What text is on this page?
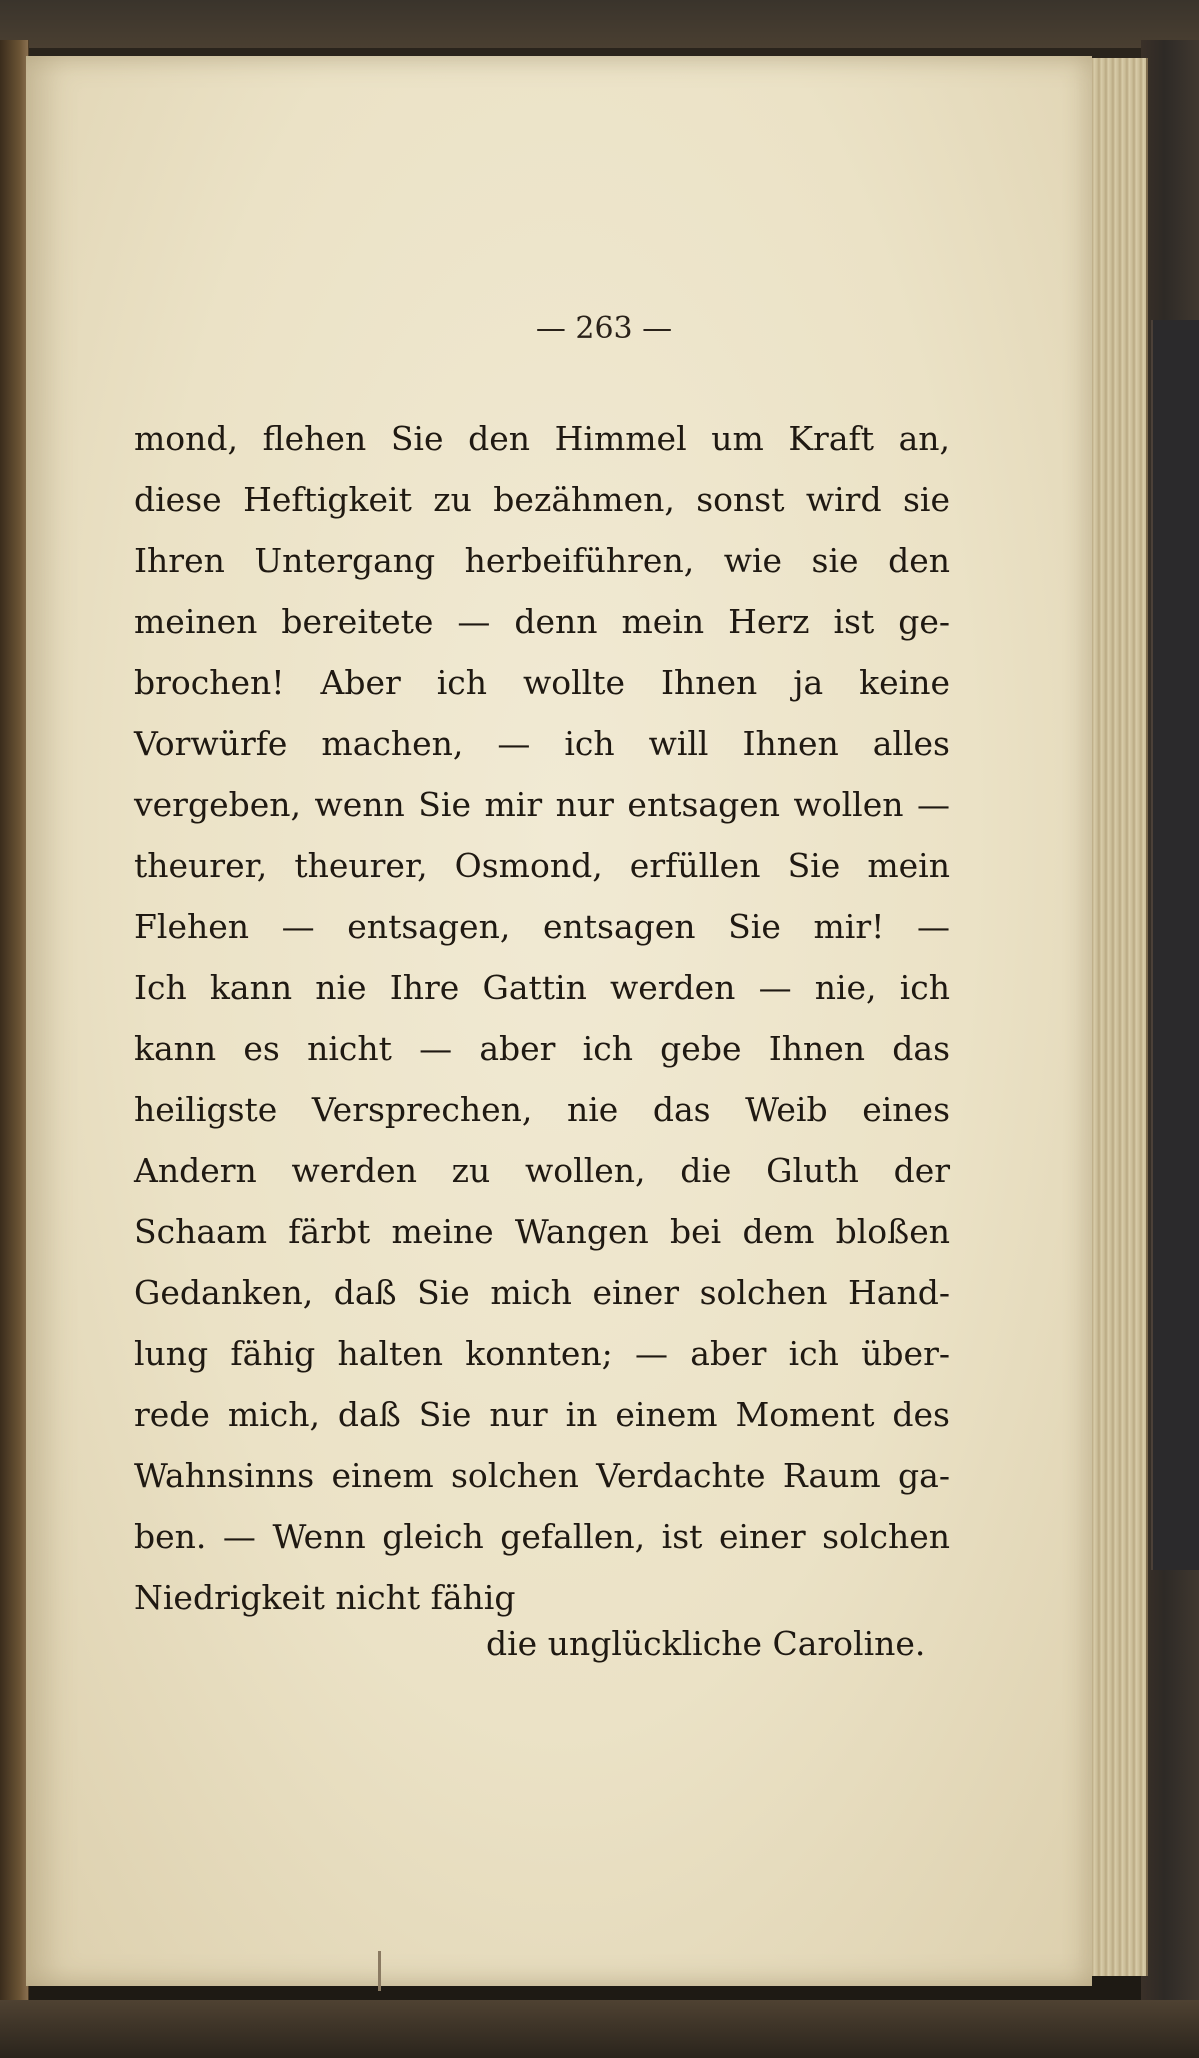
— 263 —
mond, flehen Sie den Himmel um Kraft an,
diese Heftigkeit zu bezähmen, sonst wird sie
Ihren Untergang herbeiführen, wie sie den
meinen bereitete — denn mein Herz ist ge-
brochen! Aber ich wollte Ihnen ja keine
Vorwürfe machen, — ich will Ihnen alles
vergeben, wenn Sie mir nur entsagen wollen —
theurer, theurer, Osmond, erfüllen Sie mein
Flehen — entsagen, entsagen Sie mir! —
Ich kann nie Ihre Gattin werden — nie, ich
kann es nicht — aber ich gebe Ihnen das
heiligste Versprechen, nie das Weib eines
Andern werden zu wollen, die Gluth der
Schaam färbt meine Wangen bei dem bloßen
Gedanken, daß Sie mich einer solchen Hand-
lung fähig halten konnten; — aber ich über-
rede mich, daß Sie nur in einem Moment des
Wahnsinns einem solchen Verdachte Raum ga-
ben. — Wenn gleich gefallen, ist einer solchen
Niedrigkeit nicht fähig
die unglückliche Caroline.
